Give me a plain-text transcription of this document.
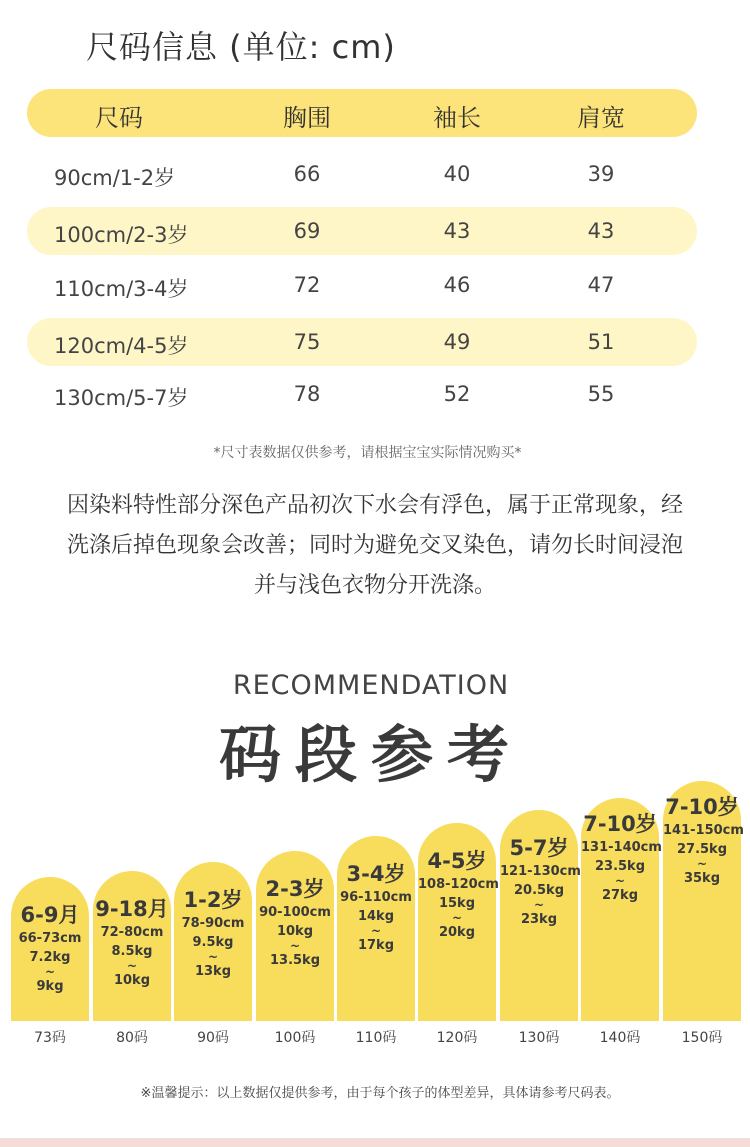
尺码信息 (单位: cm)
尺码	胸围	袖长	肩宽
90cm/1-2岁	66	40	39
100cm/2-3岁	69	43	43
110cm/3-4岁	72	46	47
120cm/4-5岁	75	49	51
130cm/5-7岁	78	52	55
*尺寸表数据仅供参考，请根据宝宝实际情况购买*
因染料特性部分深色产品初次下水会有浮色，属于正常现象，经
洗涤后掉色现象会改善；同时为避免交叉染色，请勿长时间浸泡
并与浅色衣物分开洗涤。
RECOMMENDATION
码段参考
6-9月
66-73cm
7.2kg
~
9kg
73码
9-18月
72-80cm
8.5kg
~
10kg
80码
1-2岁
78-90cm
9.5kg
~
13kg
90码
2-3岁
90-100cm
10kg
~
13.5kg
100码
3-4岁
96-110cm
14kg
~
17kg
110码
4-5岁
108-120cm
15kg
~
20kg
120码
5-7岁
121-130cm
20.5kg
~
23kg
130码
7-10岁
131-140cm
23.5kg
~
27kg
140码
7-10岁
141-150cm
27.5kg
~
35kg
150码
※温馨提示：以上数据仅提供参考，由于每个孩子的体型差异，具体请参考尺码表。
